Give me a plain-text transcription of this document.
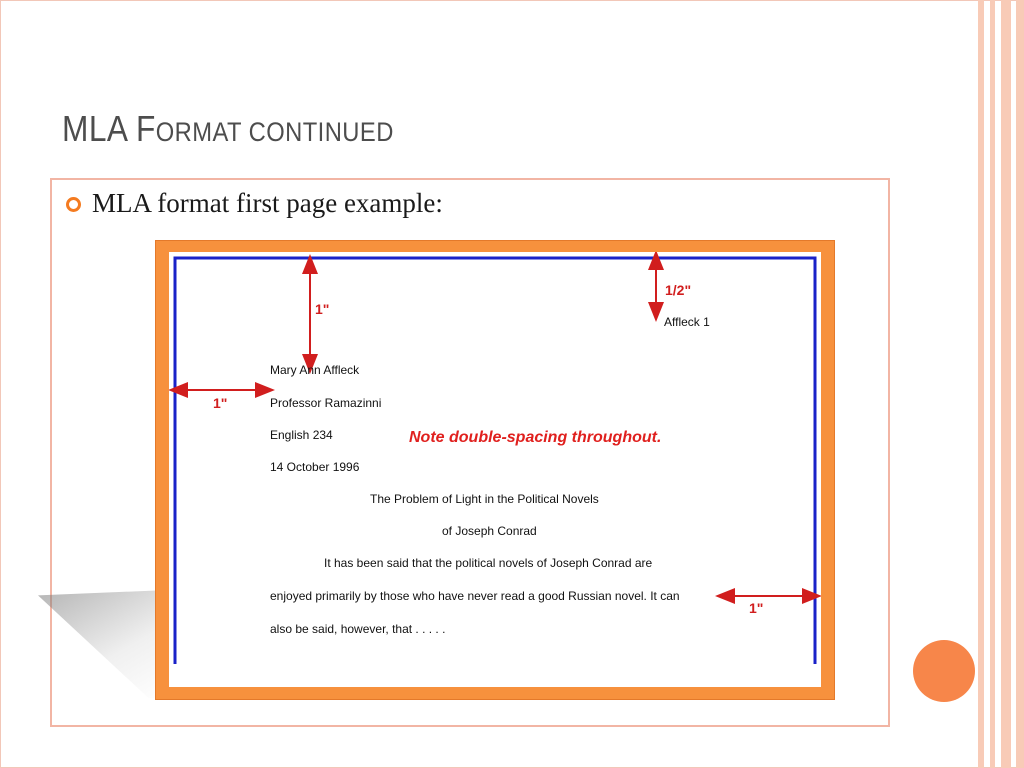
MLA FORMAT CONTINUED
MLA format first page example:
1/2"
Affleck 1
1"
Mary Ann Affleck
Professor Ramazinni
English 234
14 October 1996
1"
Note double-spacing throughout.
The Problem of Light in the Political Novels
of Joseph Conrad
It has been said that the political novels of Joseph Conrad are
enjoyed primarily by those who have never read a good Russian novel. It can
also be said, however, that . . . . .
1"
